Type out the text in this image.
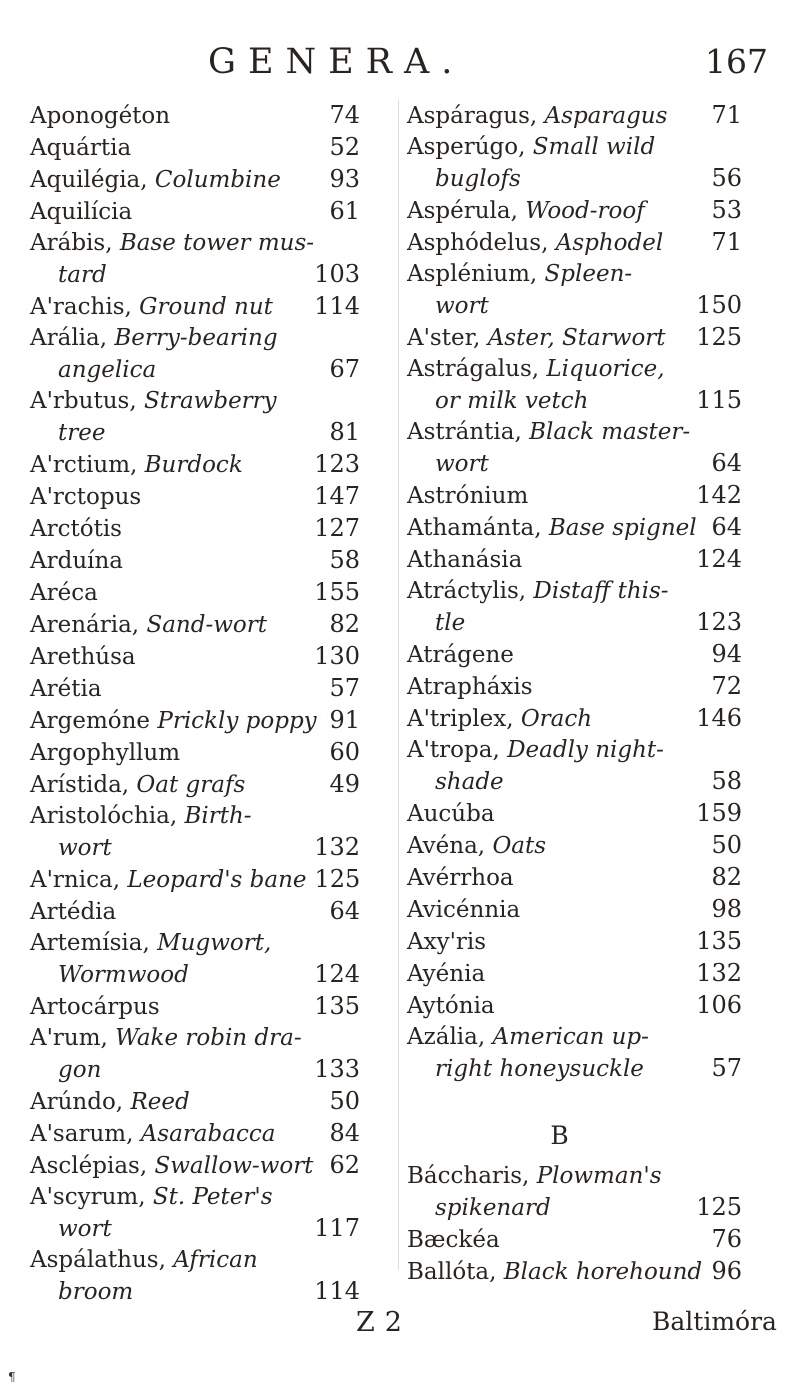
GENERA.	167
Aponogéton	74
Aquártia	52
Aquilégia, Columbine	93
Aquilícia	61
Arábis, Base tower mus-
tard	103
A'rachis, Ground nut	114
Arália, Berry-bearing
angelica	67
A'rbutus, Strawberry
tree	81
A'rctium, Burdock	123
A'rctopus	147
Arctótis	127
Arduína	58
Aréca	155
Arenária, Sand-wort	82
Arethúsa	130
Arétia	57
Argemóne Prickly poppy 91
Argophyllum	60
Arístida, Oat grafs	49
Aristolóchia, Birth-
wort	132
A'rnica, Leopard's bane 125
Artédia	64
Artemísia, Mugwort,
Wormwood	124
Artocárpus	135
A'rum, Wake robin dra-
gon	133
Arúndo, Reed	50
A'sarum, Asarabacca	84
Asclépias, Swallow-wort 62
A'scyrum, St. Peter's
wort	117
Aspálathus, African
broom	114
Aspáragus, Asparagus	71
Asperúgo, Small wild
buglofs	56
Aspérula, Wood-roof	53
Asphódelus, Asphodel	71
Asplénium, Spleen-
wort	150
A'ster, Aster, Starwort	125
Astrágalus, Liquorice,
or milk vetch	115
Astrántia, Black master-
wort	64
Astrónium	142
Athamánta, Base spignel 64
Athanásia	124
Atráctylis, Distaff this-
tle	123
Atrágene	94
Atrapháxis	72
A'triplex, Orach	146
A'tropa, Deadly night-
shade	58
Aucúba	159
Avéna, Oats	50
Avérrhoa	82
Avicénnia	98
Axy'ris	135
Ayénia	132
Aytónia	106
Azália, American up-
right honeysuckle	57
B
Báccharis, Plowman's
spikenard	125
Bæckéa	76
Ballóta, Black horehound 96
Z 2	Baltimóra
¶
